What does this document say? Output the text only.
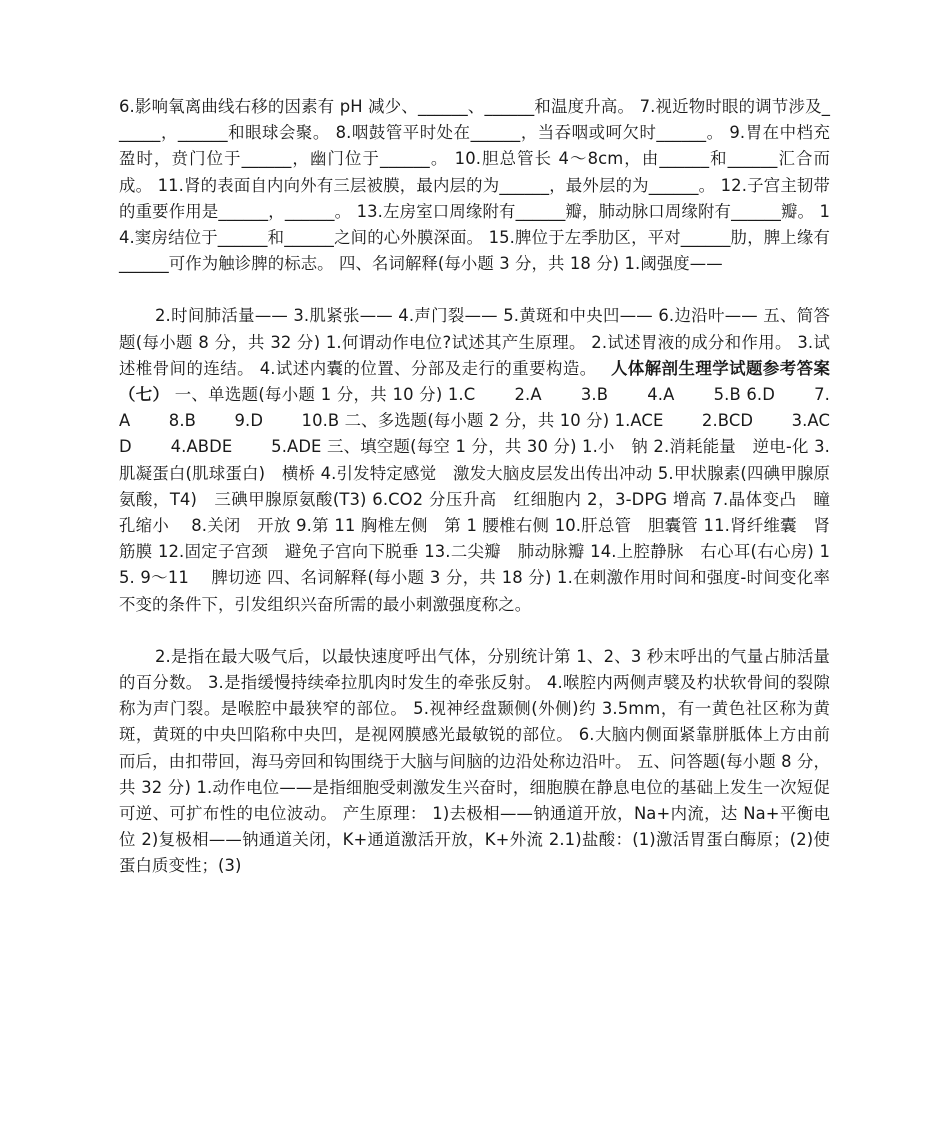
6.影响氧离曲线右移的因素有 pH 减少、______、______和温度升高。 7.视近物时眼的调节涉及______，______和眼球会聚。 8.咽鼓管平时处在______，当吞咽或呵欠时______。 9.胃在中档充盈时，贲门位于______，幽门位于______。 10.胆总管长 4～8cm，由______和______汇合而成。 11.肾的表面自内向外有三层被膜，最内层的为______，最外层的为______。 12.子宫主韧带的重要作用是______，______。 13.左房室口周缘附有______瓣，肺动脉口周缘附有______瓣。 14.窦房结位于______和______之间的心外膜深面。 15.脾位于左季肋区，平对______肋，脾上缘有______可作为触诊脾的标志。 四、名词解释(每小题 3 分，共 18 分) 1.阈强度——

2.时间肺活量—— 3.肌紧张—— 4.声门裂—— 5.黄斑和中央凹—— 6.边沿叶—— 五、简答题(每小题 8 分，共 32 分) 1.何谓动作电位?试述其产生原理。 2.试述胃液的成分和作用。 3.试述椎骨间的连结。 4.试述内囊的位置、分部及走行的重要构造。　 人体解剖生理学试题参考答案（七） 一、单选题(每小题 1 分，共 10 分) 1.C　　 2.A　　 3.B　　 4.A　　 5.B 6.D　　 7.A　　 8.B　　 9.D　　 10.B 二、多选题(每小题 2 分，共 10 分) 1.ACE　　 2.BCD　　 3.ACD　　 4.ABDE　　 5.ADE 三、填空题(每空 1 分，共 30 分) 1.小　钠 2.消耗能量　逆电-化 3.肌凝蛋白(肌球蛋白)　横桥 4.引发特定感觉　激发大脑皮层发出传出冲动 5.甲状腺素(四碘甲腺原氨酸，T4)　三碘甲腺原氨酸(T3) 6.CO2 分压升高　红细胞内 2，3-DPG 增高 7.晶体变凸　瞳孔缩小　 8.关闭　开放 9.第 11 胸椎左侧　第 1 腰椎右侧 10.肝总管　胆囊管 11.肾纤维囊　肾筋膜 12.固定子宫颈　避免子宫向下脱垂 13.二尖瓣　肺动脉瓣 14.上腔静脉　右心耳(右心房) 15. 9～11　 脾切迹 四、名词解释(每小题 3 分，共 18 分) 1.在刺激作用时间和强度-时间变化率不变的条件下，引发组织兴奋所需的最小刺激强度称之。

2.是指在最大吸气后，以最快速度呼出气体，分别统计第 1、2、3 秒末呼出的气量占肺活量的百分数。 3.是指缓慢持续牵拉肌肉时发生的牵张反射。 4.喉腔内两侧声襞及杓状软骨间的裂隙称为声门裂。是喉腔中最狭窄的部位。 5.视神经盘颞侧(外侧)约 3.5mm，有一黄色社区称为黄斑，黄斑的中央凹陷称中央凹，是视网膜感光最敏锐的部位。 6.大脑内侧面紧靠胼胝体上方由前而后，由扣带回，海马旁回和钩围绕于大脑与间脑的边沿处称边沿叶。 五、问答题(每小题 8 分，共 32 分) 1.动作电位——是指细胞受刺激发生兴奋时，细胞膜在静息电位的基础上发生一次短促可逆、可扩布性的电位波动。 产生原理： 1)去极相——钠通道开放，Na+内流，达 Na+平衡电位 2)复极相——钠通道关闭，K+通道激活开放，K+外流 2.1)盐酸：(1)激活胃蛋白酶原；(2)使蛋白质变性；(3)
